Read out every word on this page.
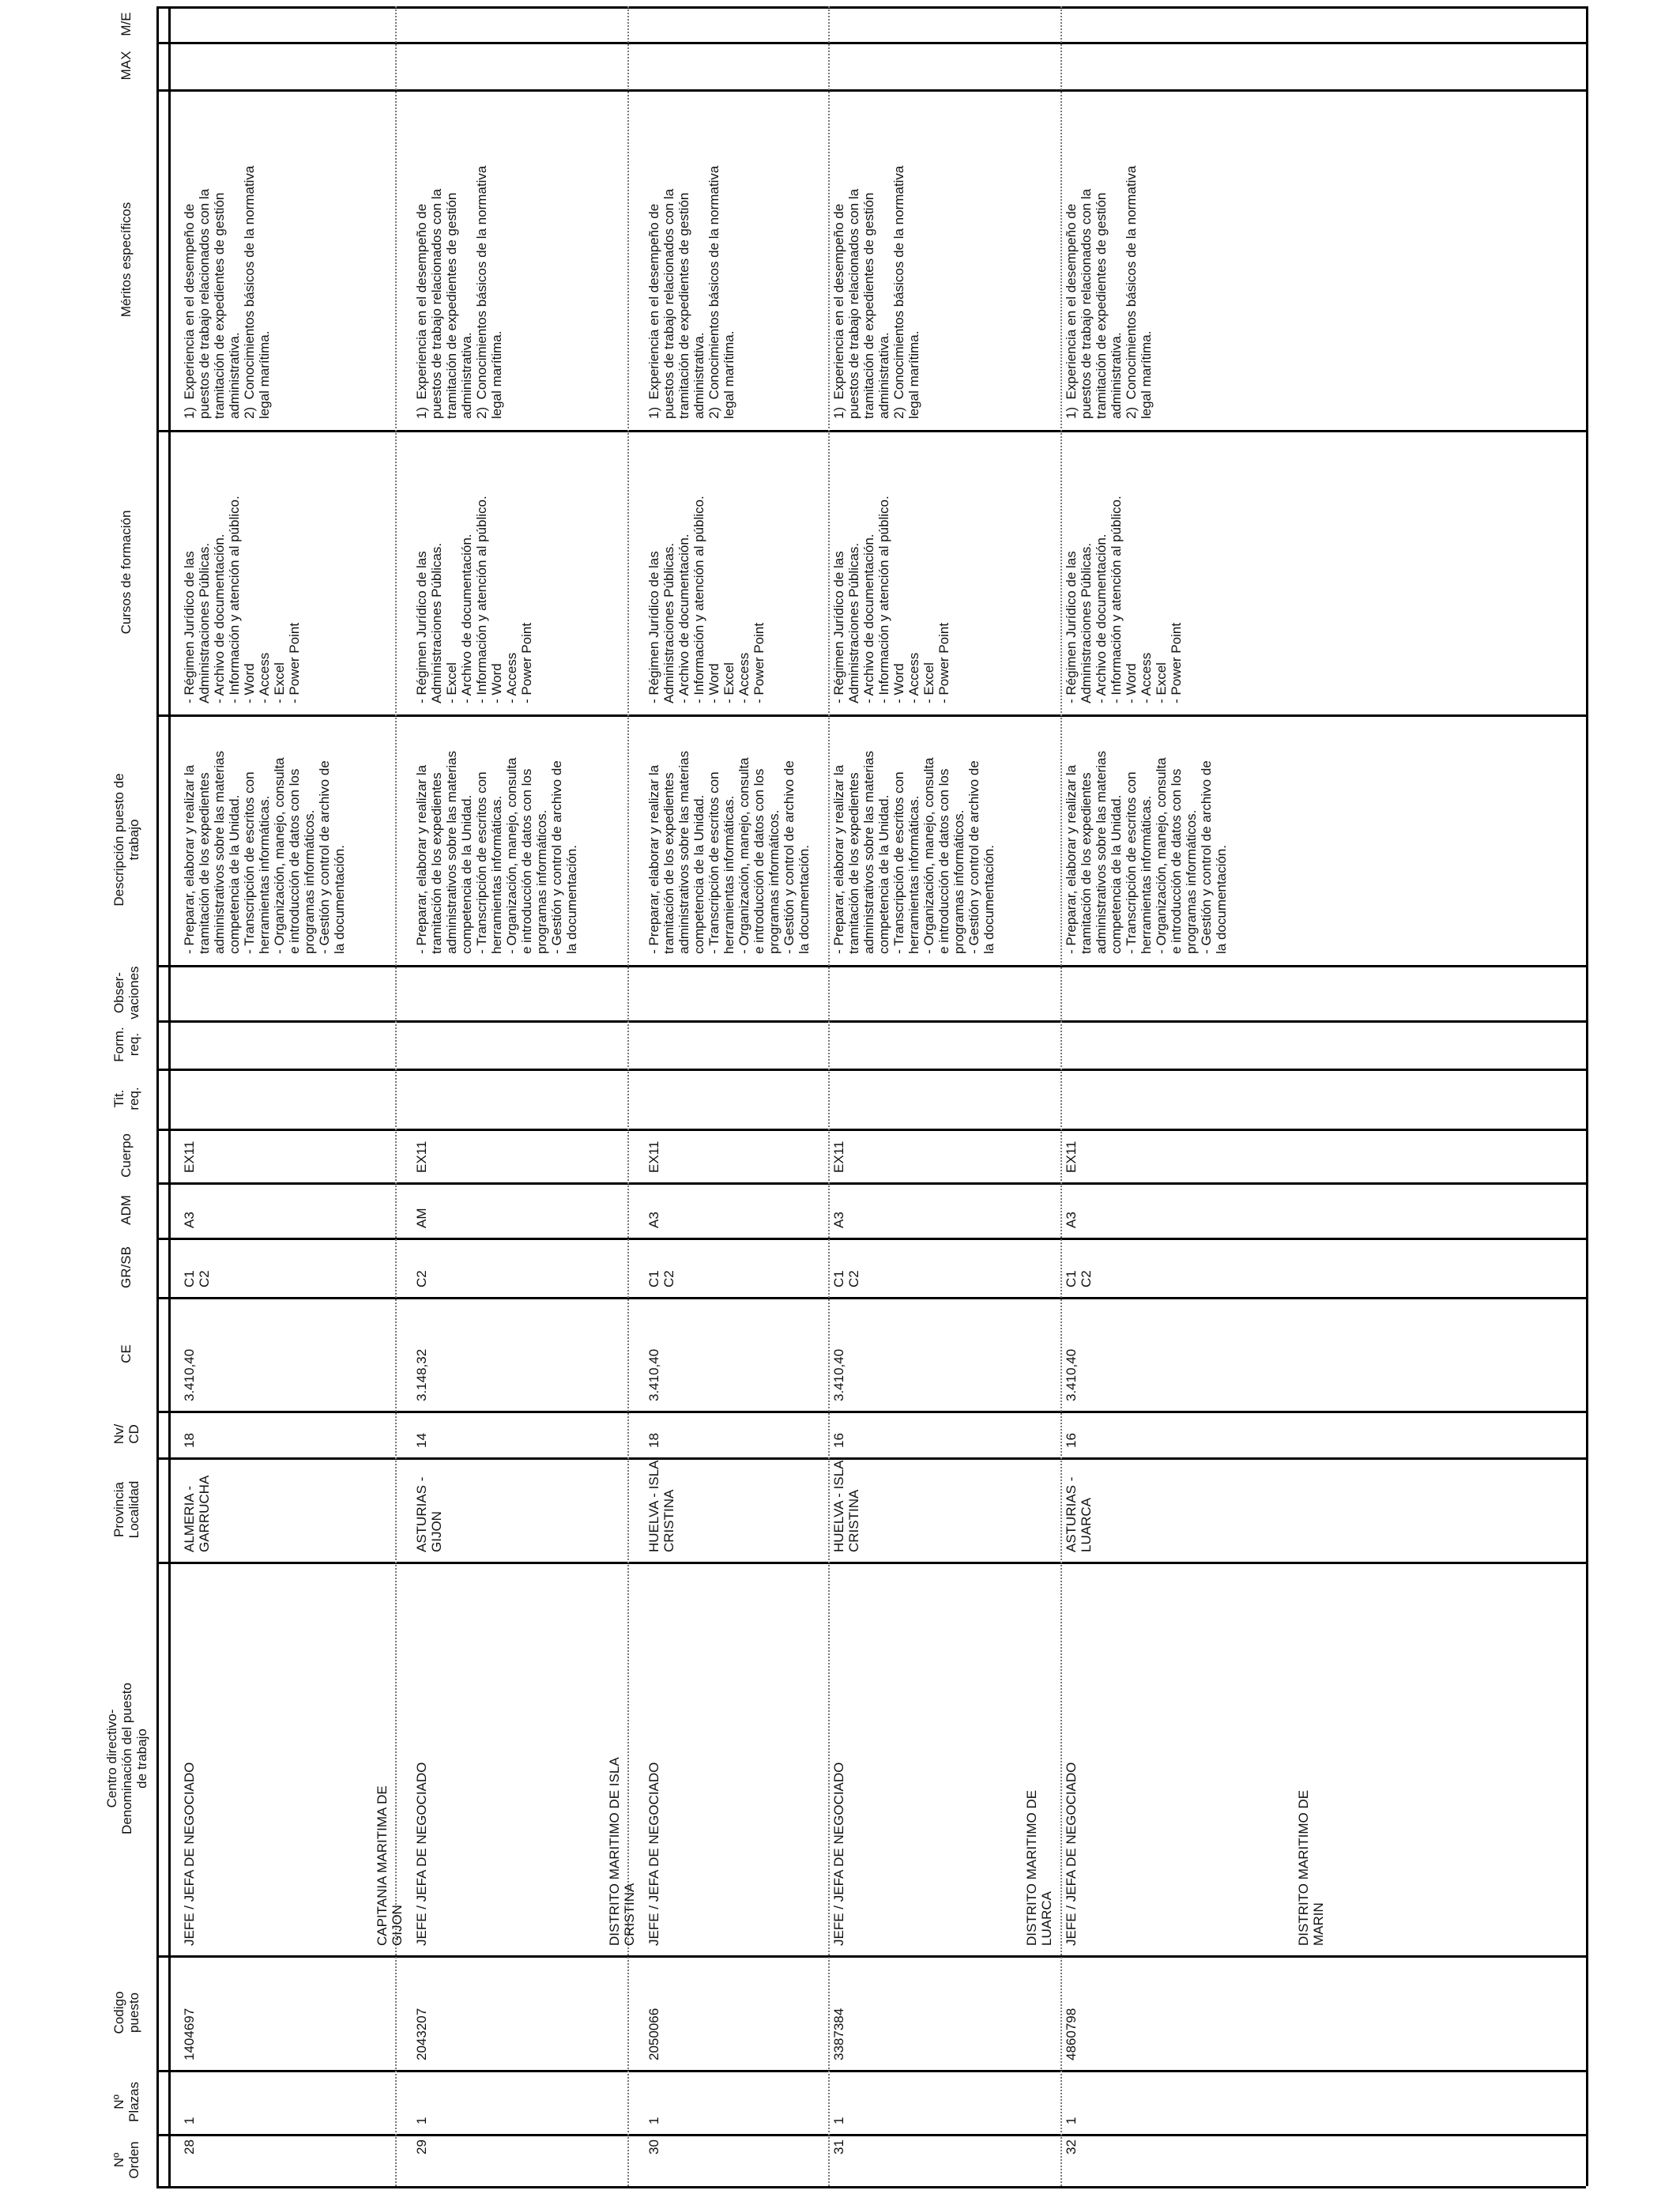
Nº
Orden
Nº
Plazas
Codigo
puesto
Centro directivo-
Denominación del puesto
de trabajo
Provincia
Localidad
Nv/
CD
CE
GR/SB
ADM
Cuerpo
Tit.
req.
Form.
req.
Obser-
vaciones
Descripción puesto de
trabajo
Cursos de formación
Méritos específicos
MAX
M/E
28
1
1404697
JEFE / JEFA DE NEGOCIADO
ALMERIA -
GARRUCHA
18
3.410,40
C1
C2
A3
EX11
- Preparar, elaborar y realizar la
tramitación de los expedientes
administrativos sobre las materias
competencia de la Unidad.
- Transcripción de escritos con
herramientas informáticas.
- Organización, manejo, consulta
e introducción de datos con los
programas informáticos.
- Gestión y control de archivo de
la documentación.
- Régimen Jurídico de las
Administraciones Públicas.
- Archivo de documentación.
- Información y atención al público.
- Word
- Access
- Excel
- Power Point
1)  Experiencia en el desempeño de
puestos de trabajo relacionados con la
tramitación de expedientes de gestión
administrativa.
2)  Conocimientos básicos de la normativa
legal marítima.
29
1
2043207
JEFE / JEFA DE NEGOCIADO
ASTURIAS -
GIJON
14
3.148,32
C2
AM
EX11
- Preparar, elaborar y realizar la
tramitación de los expedientes
administrativos sobre las materias
competencia de la Unidad.
- Transcripción de escritos con
herramientas informáticas.
- Organización, manejo, consulta
e introducción de datos con los
programas informáticos.
- Gestión y control de archivo de
la documentación.
- Régimen Jurídico de las
Administraciones Públicas.
- Excel
- Archivo de documentación.
- Información y atención al público.
- Word
- Access
- Power Point
1)  Experiencia en el desempeño de
puestos de trabajo relacionados con la
tramitación de expedientes de gestión
administrativa.
2)  Conocimientos básicos de la normativa
legal marítima.
CAPITANIA MARITIMA DE
GIJON
30
1
2050066
JEFE / JEFA DE NEGOCIADO
HUELVA - ISLA
CRISTINA
18
3.410,40
C1
C2
A3
EX11
- Preparar, elaborar y realizar la
tramitación de los expedientes
administrativos sobre las materias
competencia de la Unidad.
- Transcripción de escritos con
herramientas informáticas.
- Organización, manejo, consulta
e introducción de datos con los
programas informáticos.
- Gestión y control de archivo de
la documentación.
- Régimen Jurídico de las
Administraciones Públicas.
- Archivo de documentación.
- Información y atención al público.
- Word
- Excel
- Access
- Power Point
1)  Experiencia en el desempeño de
puestos de trabajo relacionados con la
tramitación de expedientes de gestión
administrativa.
2)  Conocimientos básicos de la normativa
legal marítima.
DISTRITO MARITIMO DE ISLA
CRISTINA
31
1
3387384
JEFE / JEFA DE NEGOCIADO
HUELVA - ISLA
CRISTINA
16
3.410,40
C1
C2
A3
EX11
- Preparar, elaborar y realizar la
tramitación de los expedientes
administrativos sobre las materias
competencia de la Unidad.
- Transcripción de escritos con
herramientas informáticas.
- Organización, manejo, consulta
e introducción de datos con los
programas informáticos.
- Gestión y control de archivo de
la documentación.
- Régimen Jurídico de las
Administraciones Públicas.
- Archivo de documentación.
- Información y atención al público.
- Word
- Access
- Excel
- Power Point
1)  Experiencia en el desempeño de
puestos de trabajo relacionados con la
tramitación de expedientes de gestión
administrativa.
2)  Conocimientos básicos de la normativa
legal marítima.
32
1
4860798
JEFE / JEFA DE NEGOCIADO
ASTURIAS -
LUARCA
16
3.410,40
C1
C2
A3
EX11
- Preparar, elaborar y realizar la
tramitación de los expedientes
administrativos sobre las materias
competencia de la Unidad.
- Transcripción de escritos con
herramientas informáticas.
- Organización, manejo, consulta
e introducción de datos con los
programas informáticos.
- Gestión y control de archivo de
la documentación.
- Régimen Jurídico de las
Administraciones Públicas.
- Archivo de documentación.
- Información y atención al público.
- Word
- Access
- Excel
- Power Point
1)  Experiencia en el desempeño de
puestos de trabajo relacionados con la
tramitación de expedientes de gestión
administrativa.
2)  Conocimientos básicos de la normativa
legal marítima.
DISTRITO MARITIMO DE
LUARCA	DISTRITO MARITIMO DE
MARIN
